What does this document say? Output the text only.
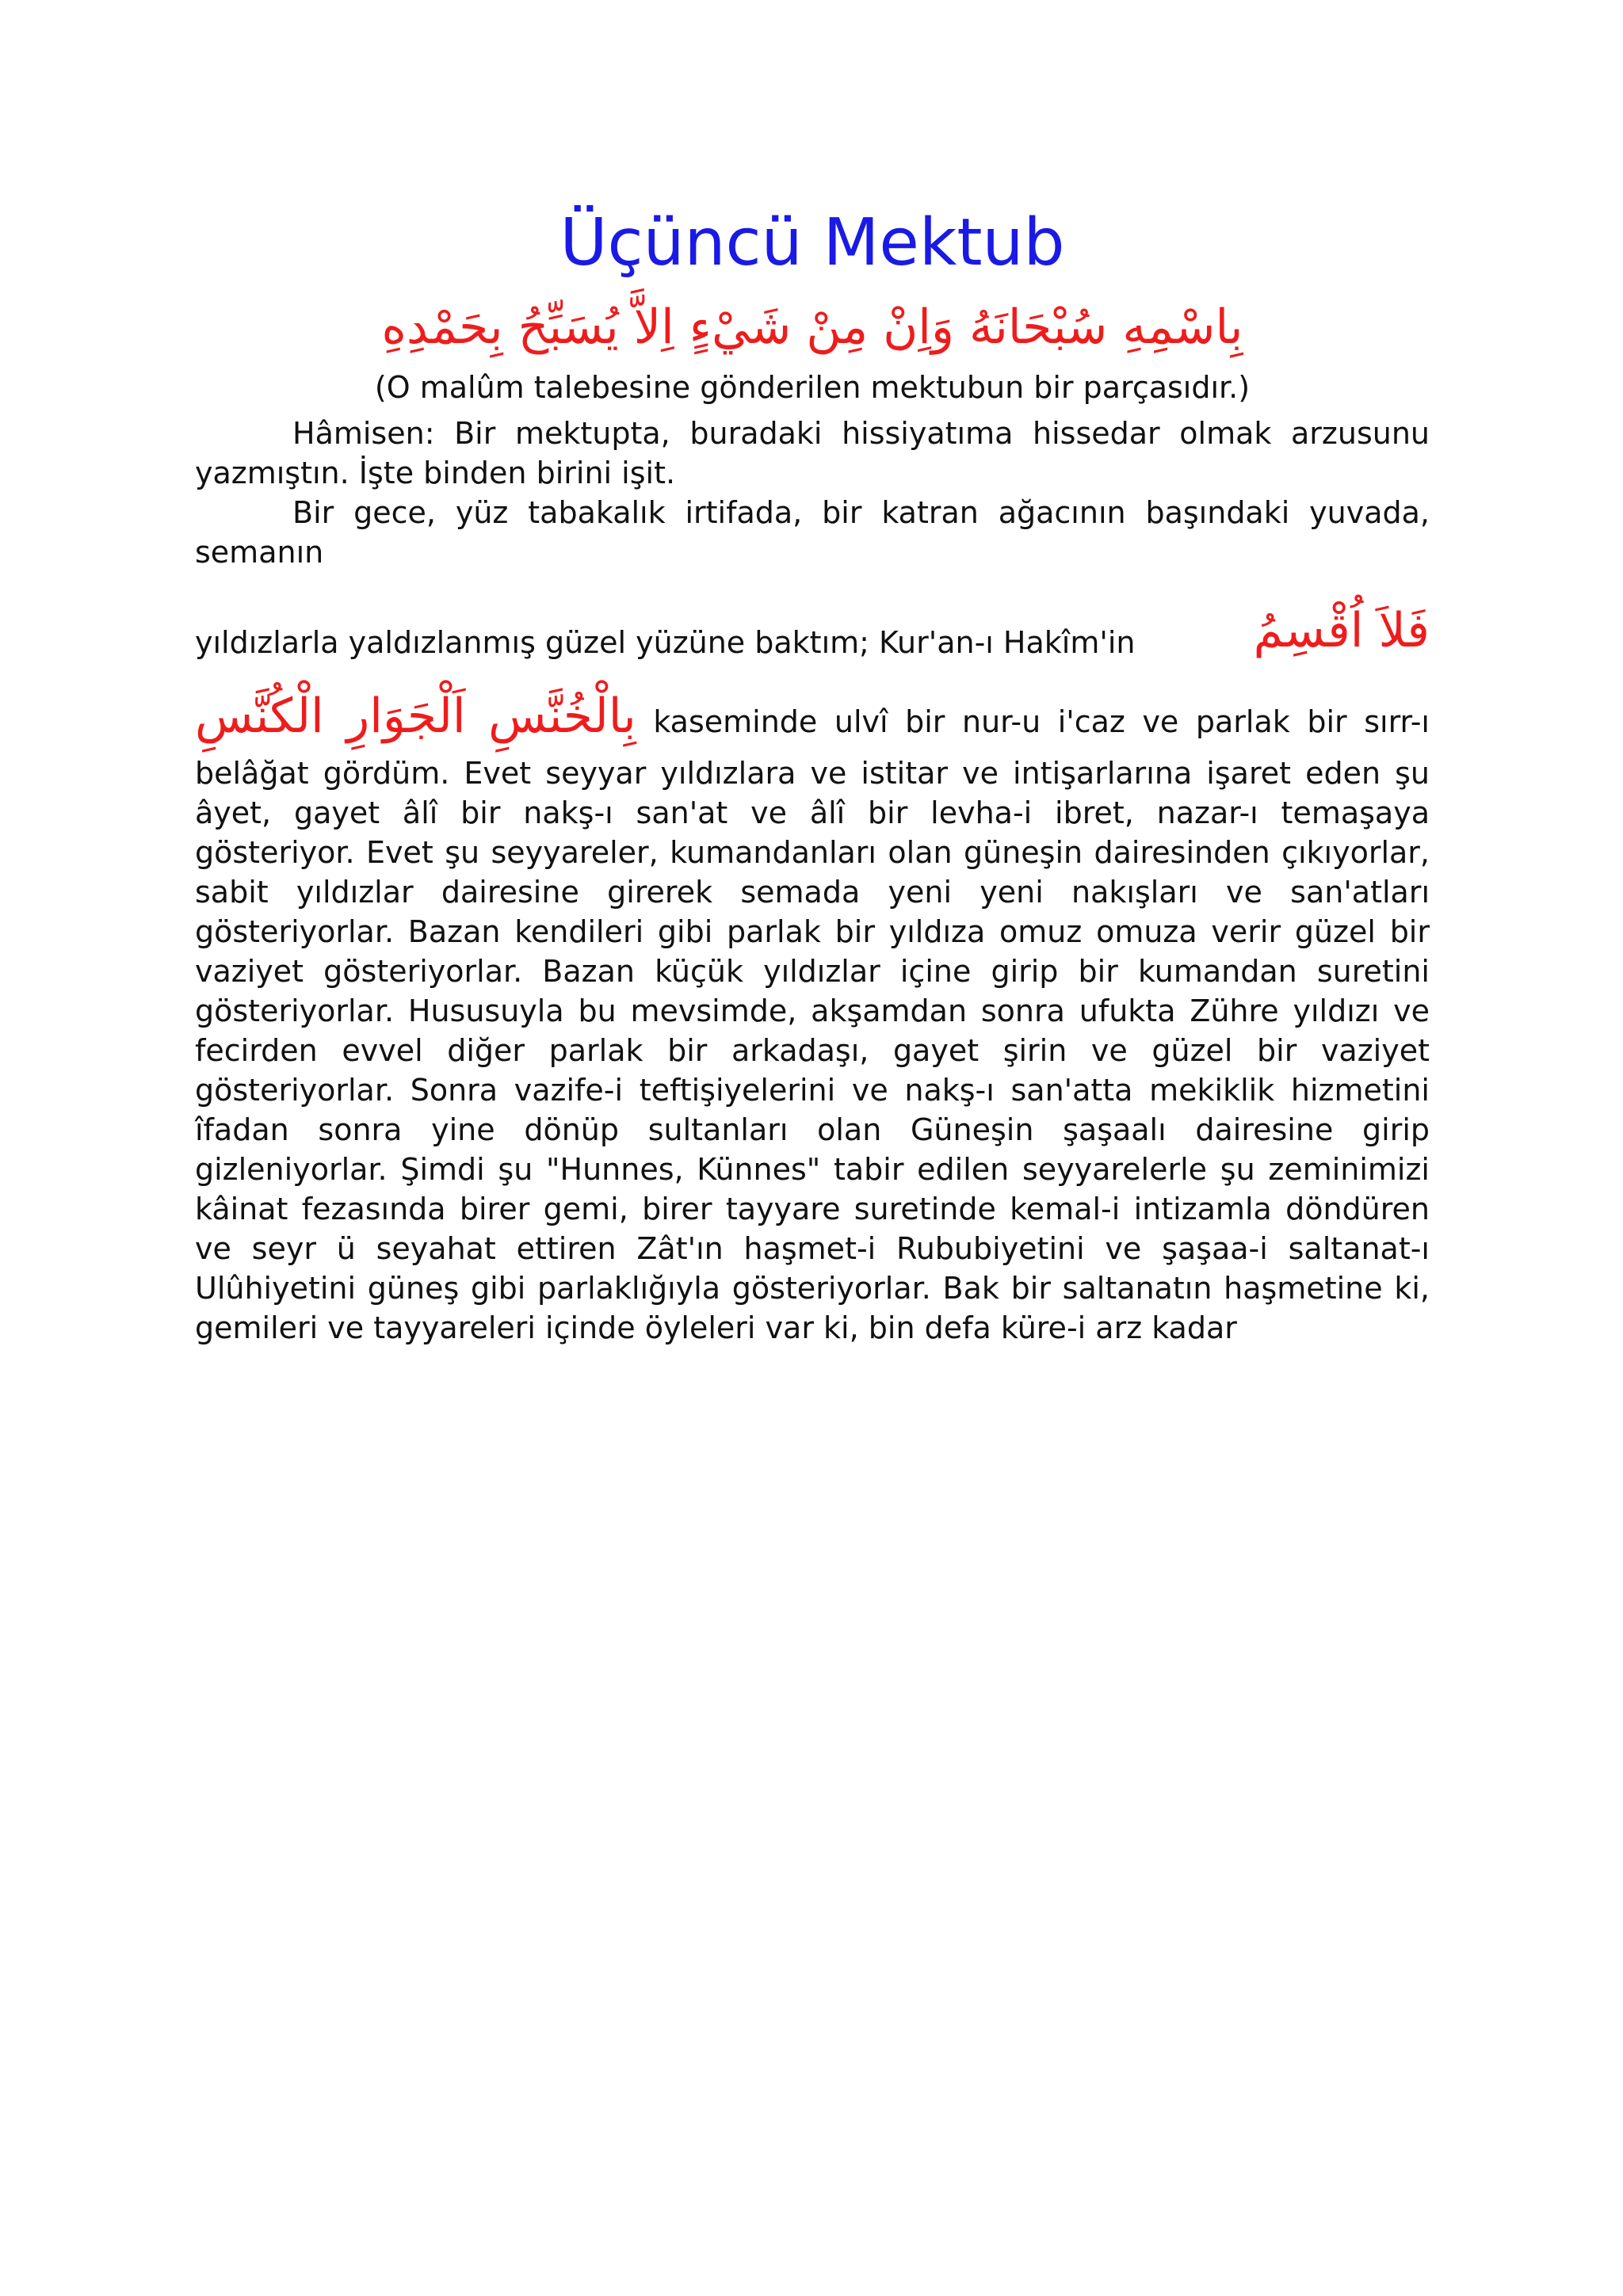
Üçüncü Mektub

بِاسْمِهِ سُبْحَانَهُ وَاِنْ مِنْ شَيْءٍ اِلاَّ يُسَبِّحُ بِحَمْدِهِ

(O malûm talebesine gönderilen mektubun bir parçasıdır.)

Hâmisen: Bir mektupta, buradaki hissiyatıma hissedar olmak arzusunu yazmıştın. İşte binden birini işit.

Bir gece, yüz tabakalık irtifada, bir katran ağacının başındaki yuvada, semanın

yıldızlarla yaldızlanmış güzel yüzüne baktım; Kur'an-ı Hakîm'in فَلاَ اُقْسِمُ
بِالْخُنَّسِ اَلْجَوَارِ الْكُنَّسِ kaseminde ulvî bir nur-u i'caz ve parlak bir sırr-ı

belâğat gördüm. Evet seyyar yıldızlara ve istitar ve intişarlarına işaret eden şu âyet, gayet âlî bir nakş-ı san'at ve âlî bir levha-i ibret, nazar-ı temaşaya gösteriyor. Evet şu seyyareler, kumandanları olan güneşin dairesinden çıkıyorlar, sabit yıldızlar dairesine girerek semada yeni yeni nakışları ve san'atları gösteriyorlar. Bazan kendileri gibi parlak bir yıldıza omuz omuza verir güzel bir vaziyet gösteriyorlar. Bazan küçük yıldızlar içine girip bir kumandan suretini gösteriyorlar. Hususuyla bu mevsimde, akşamdan sonra ufukta Zühre yıldızı ve fecirden evvel diğer parlak bir arkadaşı, gayet şirin ve güzel bir vaziyet gösteriyorlar. Sonra vazife-i teftişiyelerini ve nakş-ı san'atta mekiklik hizmetini îfadan sonra yine dönüp sultanları olan Güneşin şaşaalı dairesine girip gizleniyorlar. Şimdi şu "Hunnes, Künnes" tabir edilen seyyarelerle şu zeminimizi kâinat fezasında birer gemi, birer tayyare suretinde kemal-i intizamla döndüren ve seyr ü seyahat ettiren Zât'ın haşmet-i Rububiyetini ve şaşaa-i saltanat-ı Ulûhiyetini güneş gibi parlaklığıyla gösteriyorlar. Bak bir saltanatın haşmetine ki, gemileri ve tayyareleri içinde öyleleri var ki, bin defa küre-i arz kadar
